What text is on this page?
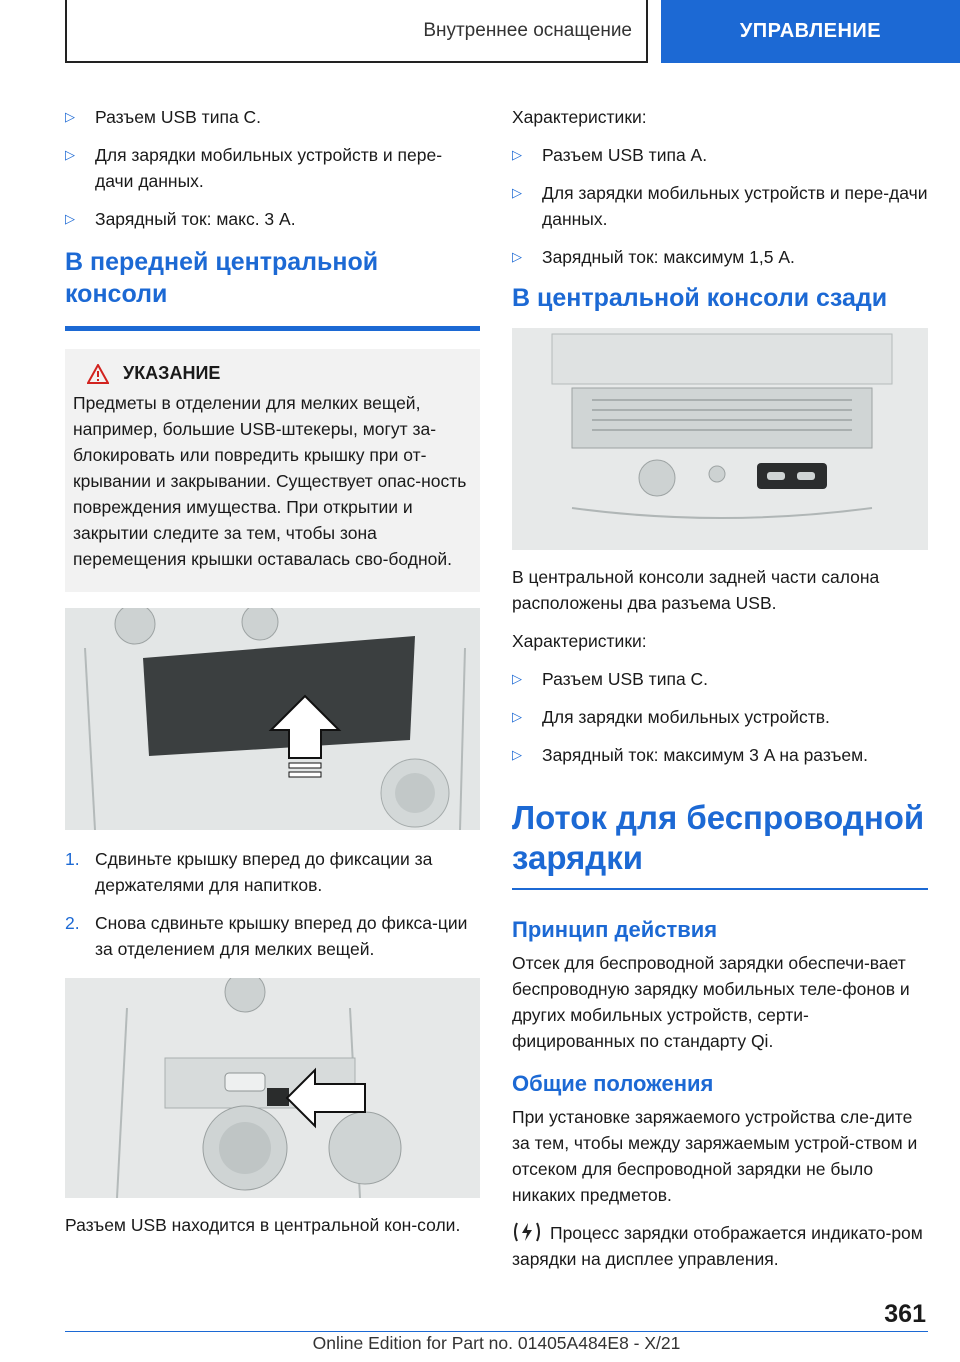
Внутреннее оснащение	УПРАВЛЕНИЕ
▷ Разъем USB типа C.
▷ Для зарядки мобильных устройств и пере-дачи данных.
▷ Зарядный ток: макс. 3 A.
В передней центральной консоли
УКАЗАНИЕ

Предметы в отделении для мелких вещей, например, большие USB-штекеры, могут за-блокировать или повредить крышку при от-крывании и закрывании. Существует опас-ность повреждения имущества. При открытии и закрытии следите за тем, чтобы зона перемещения крышки оставалась сво-бодной.

1. Сдвиньте крышку вперед до фиксации за держателями для напитков.
2. Снова сдвиньте крышку вперед до фикса-ции за отделением для мелких вещей.

Разъем USB находится в центральной кон-соли.

Характеристики:

▷ Разъем USB типа A.
▷ Для зарядки мобильных устройств и пере-дачи данных.
▷ Зарядный ток: максимум 1,5 A.
В центральной консоли сзади

В центральной консоли задней части салона расположены два разъема USB.

Характеристики:

▷ Разъем USB типа C.
▷ Для зарядки мобильных устройств.
▷ Зарядный ток: максимум 3 A на разъем.
Лоток для беспроводной зарядки
Принцип действия

Отсек для беспроводной зарядки обеспечи-вает беспроводную зарядку мобильных теле-фонов и других мобильных устройств, серти-фицированных по стандарту Qi.

Общие положения

При установке заряжаемого устройства сле-дите за тем, чтобы между заряжаемым устрой-ством и отсеком для беспроводной зарядки не было никаких предметов.

Процесс зарядки отображается индикато-ром зарядки на дисплее управления.

361
Online Edition for Part no. 01405A484E8 - X/21
